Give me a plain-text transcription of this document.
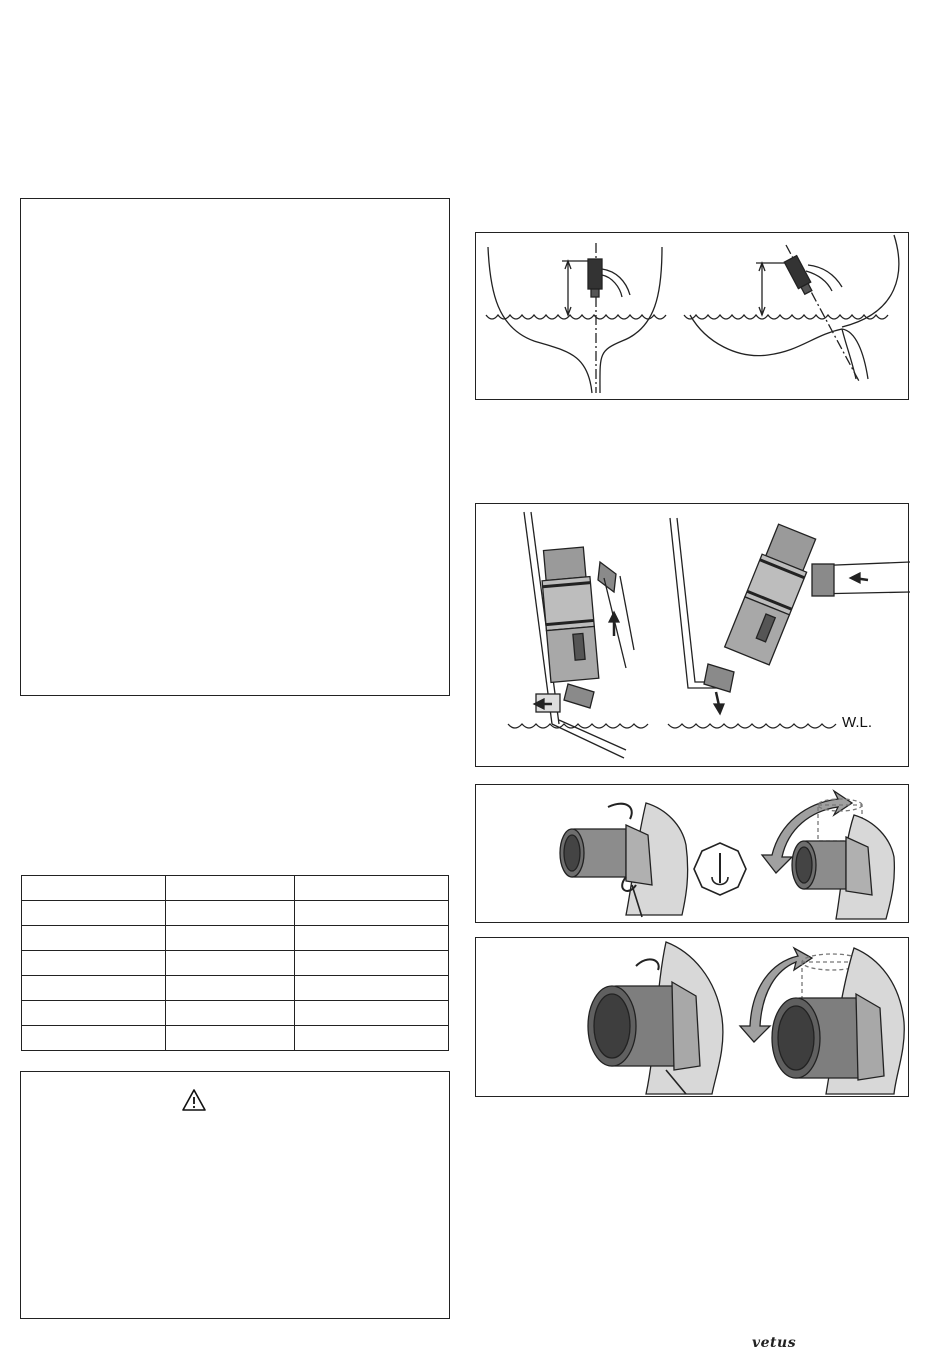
W.L.
vetus
